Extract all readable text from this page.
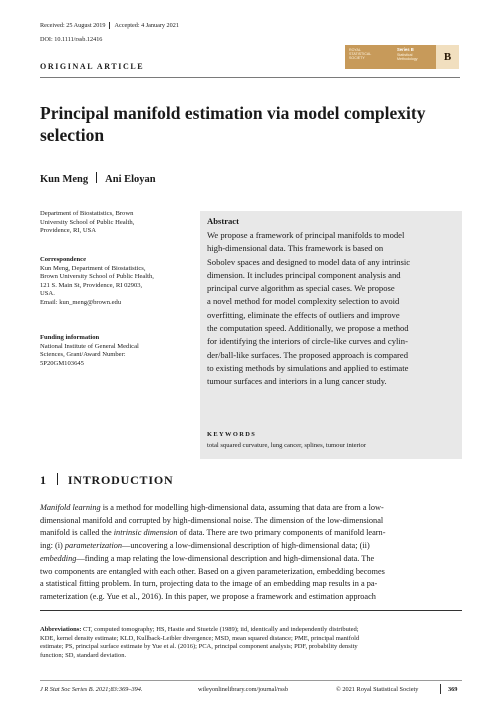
Received: 25 August 2019 Accepted: 4 January 2021
DOI: 10.1111/rssb.12416
ROYAL
STATISTICAL
SOCIETY
Series B
Statistical
Methodology	B
ORIGINAL ARTICLE
Principal manifold estimation via model complexity
selection
Kun Meng Ani Eloyan
Department of Biostatistics, Brown
University School of Public Health,
Providence, RI, USA
Correspondence
Kun Meng, Department of Biostatistics,
Brown University School of Public Health,
121 S. Main St, Providence, RI 02903,
USA.
Email: kun_meng@brown.edu
Funding information
National Institute of General Medical
Sciences, Grant/Award Number:
5P20GM103645
Abstract
We propose a framework of principal manifolds to model
high-dimensional data. This framework is based on
Sobolev spaces and designed to model data of any intrinsic
dimension. It includes principal component analysis and
principal curve algorithm as special cases. We propose
a novel method for model complexity selection to avoid
overfitting, eliminate the effects of outliers and improve
the computation speed. Additionally, we propose a method
for identifying the interiors of circle-like curves and cylin-
der/ball-like surfaces. The proposed approach is compared
to existing methods by simulations and applied to estimate
tumour surfaces and interiors in a lung cancer study.
KEYWORDS
total squared curvature, lung cancer, splines, tumour interior
1 INTRODUCTION
Manifold learning is a method for modelling high-dimensional data, assuming that data are from a low-
dimensional manifold and corrupted by high-dimensional noise. The dimension of the low-dimensional
manifold is called the intrinsic dimension of data. There are two primary components of manifold learn-
ing: (i) parameterization—uncovering a low-dimensional description of high-dimensional data; (ii)
embedding—finding a map relating the low-dimensional description and high-dimensional data. The
two components are entangled with each other. Based on a given parameterization, embedding becomes
a statistical fitting problem. In turn, projecting data to the image of an embedding map results in a pa-
rameterization (e.g. Yue et al., 2016). In this paper, we propose a framework and estimation approach
Abbreviations: CT, computed tomography; HS, Hastie and Stuetzle (1989); iid, identically and independently distributed;
KDE, kernel density estimate; KLD, Kullback-Leibler divergence; MSD, mean squared distance; PME, principal manifold
estimate; PS, principal surface estimate by Yue et al. (2016); PCA, principal component analysis; PDF, probability density
function; SD, standard deviation.
J R Stat Soc Series B. 2021;83:369–394.	wileyonlinelibrary.com/journal/rssb	© 2021 Royal Statistical Society	369
